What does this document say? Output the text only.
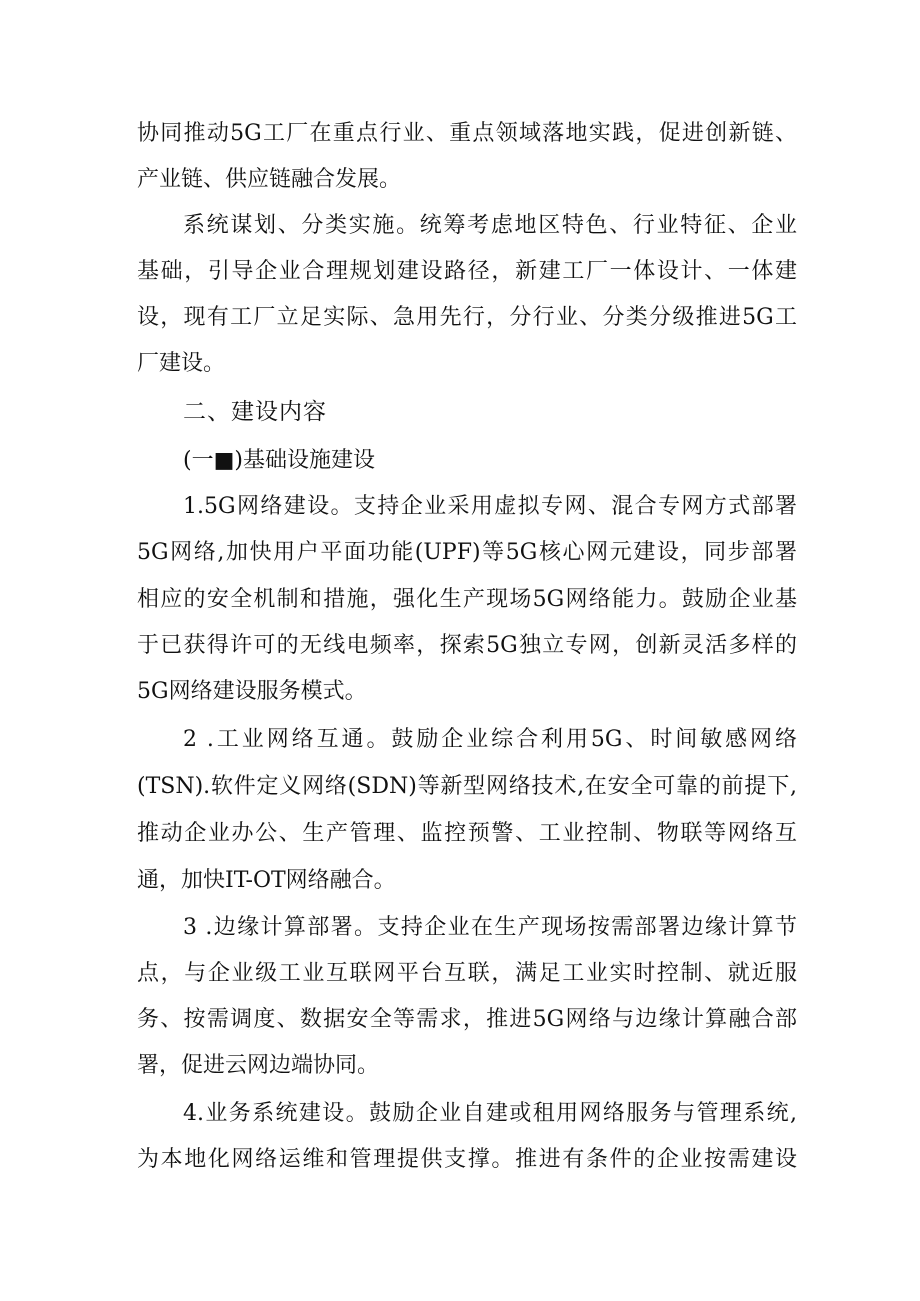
协同推动5G工厂在重点行业、重点领域落地实践，促进创新链、
产业链、供应链融合发展。
系统谋划、分类实施。统筹考虑地区特色、行业特征、企业
基础，引导企业合理规划建设路径，新建工厂一体设计、一体建
设，现有工厂立足实际、急用先行，分行业、分类分级推进5G工
厂建设。
二、建设内容
(一■)基础设施建设
1.5G网络建设。支持企业采用虚拟专网、混合专网方式部署
5G网络,加快用户平面功能(UPF)等5G核心网元建设，同步部署
相应的安全机制和措施，强化生产现场5G网络能力。鼓励企业基
于已获得许可的无线电频率，探索5G独立专网，创新灵活多样的
5G网络建设服务模式。
2 .工业网络互通。鼓励企业综合利用5G、时间敏感网络
(TSN).软件定义网络(SDN)等新型网络技术,在安全可靠的前提下,
推动企业办公、生产管理、监控预警、工业控制、物联等网络互
通，加快IT-OT网络融合。
3 .边缘计算部署。支持企业在生产现场按需部署边缘计算节
点，与企业级工业互联网平台互联，满足工业实时控制、就近服
务、按需调度、数据安全等需求，推进5G网络与边缘计算融合部
署，促进云网边端协同。
4.业务系统建设。鼓励企业自建或租用网络服务与管理系统,
为本地化网络运维和管理提供支撑。推进有条件的企业按需建设
